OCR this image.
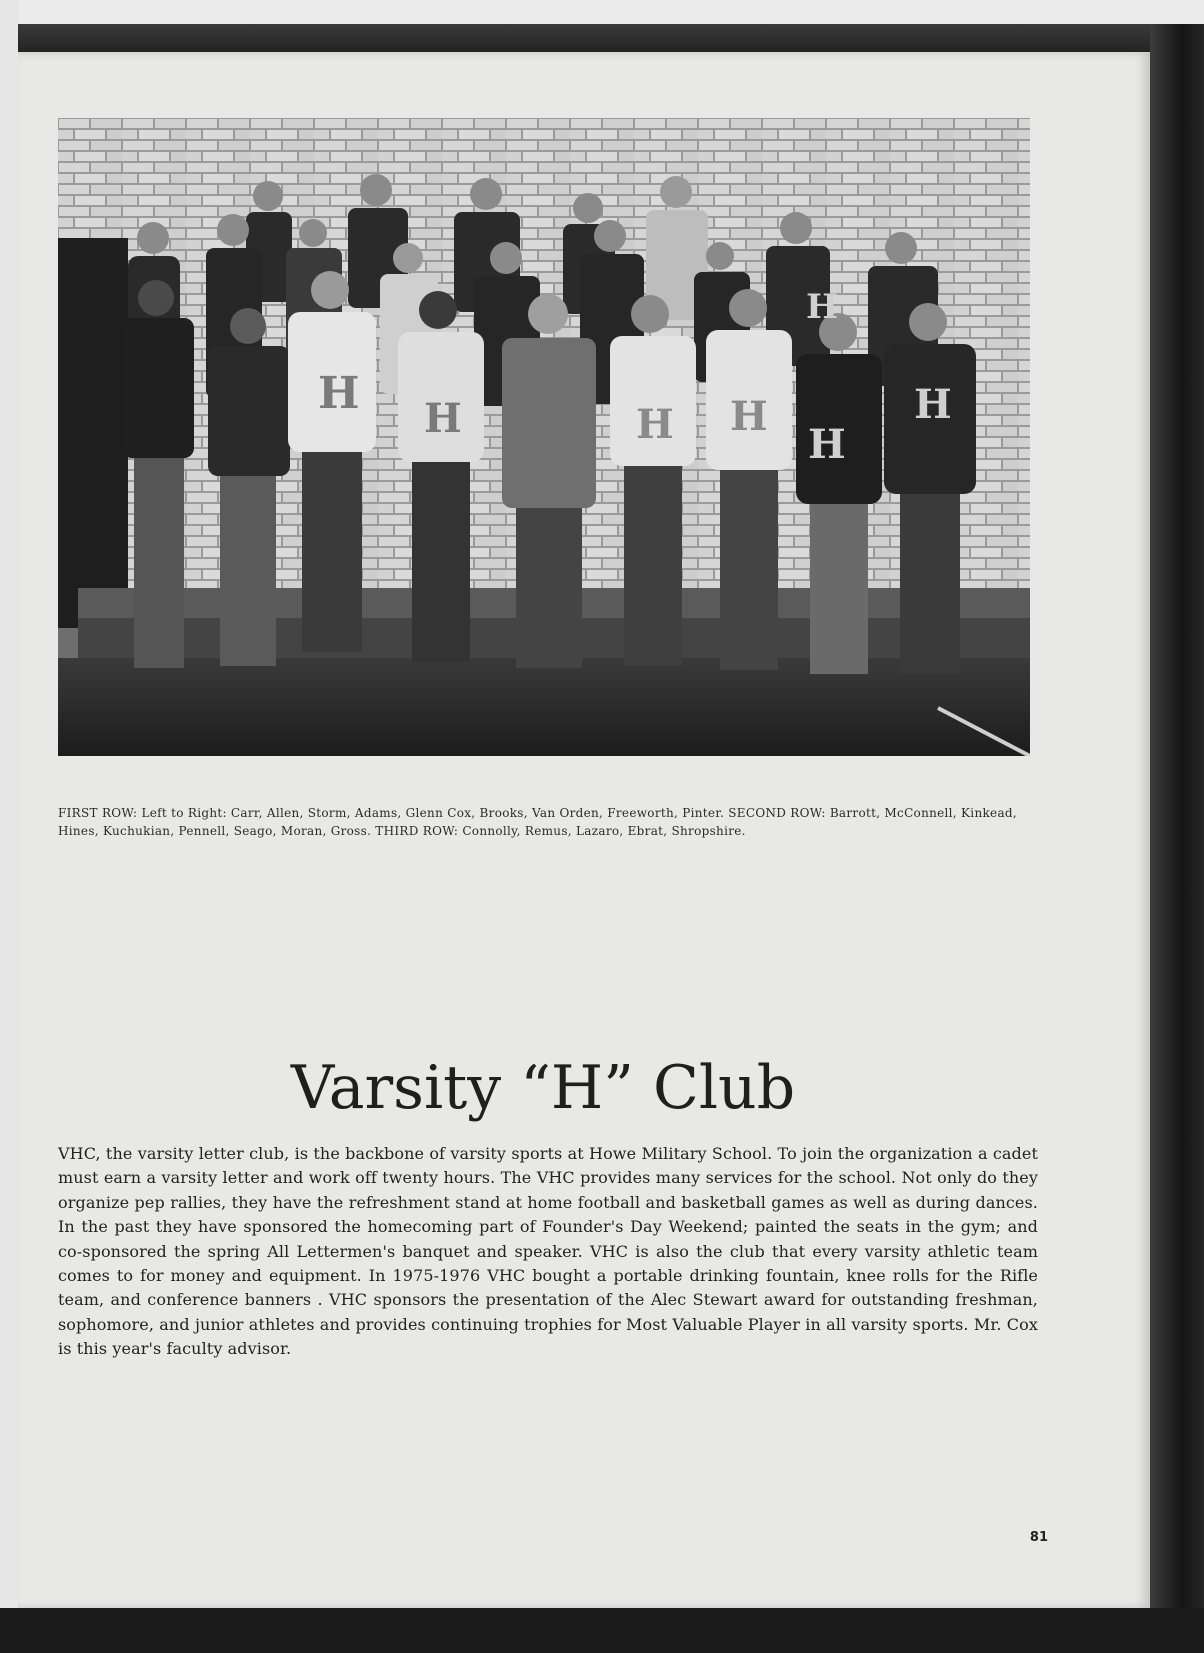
H H	H H
H
H
H

FIRST ROW: Left to Right: Carr, Allen, Storm, Adams, Glenn Cox, Brooks, Van Orden, Freeworth, Pinter. SECOND ROW: Barrott, McConnell, Kinkead, Hines, Kuchukian, Pennell, Seago, Moran, Gross. THIRD ROW: Connolly, Remus, Lazaro, Ebrat, Shropshire.

Varsity “H” Club

VHC, the varsity letter club, is the backbone of varsity sports at Howe Military School. To join the organization a cadet must earn a varsity letter and work off twenty hours. The VHC provides many services for the school. Not only do they organize pep rallies, they have the refreshment stand at home football and basketball games as well as during dances. In the past they have sponsored the homecoming part of Founder's Day Weekend; painted the seats in the gym; and co-sponsored the spring All Lettermen's banquet and speaker. VHC is also the club that every varsity athletic team comes to for money and equipment. In 1975-1976 VHC bought a portable drinking fountain, knee rolls for the Rifle team, and conference banners . VHC sponsors the presentation of the Alec Stewart award for outstanding freshman, sophomore, and junior athletes and provides continuing trophies for Most Valuable Player in all varsity sports. Mr. Cox is this year's faculty advisor.

81
